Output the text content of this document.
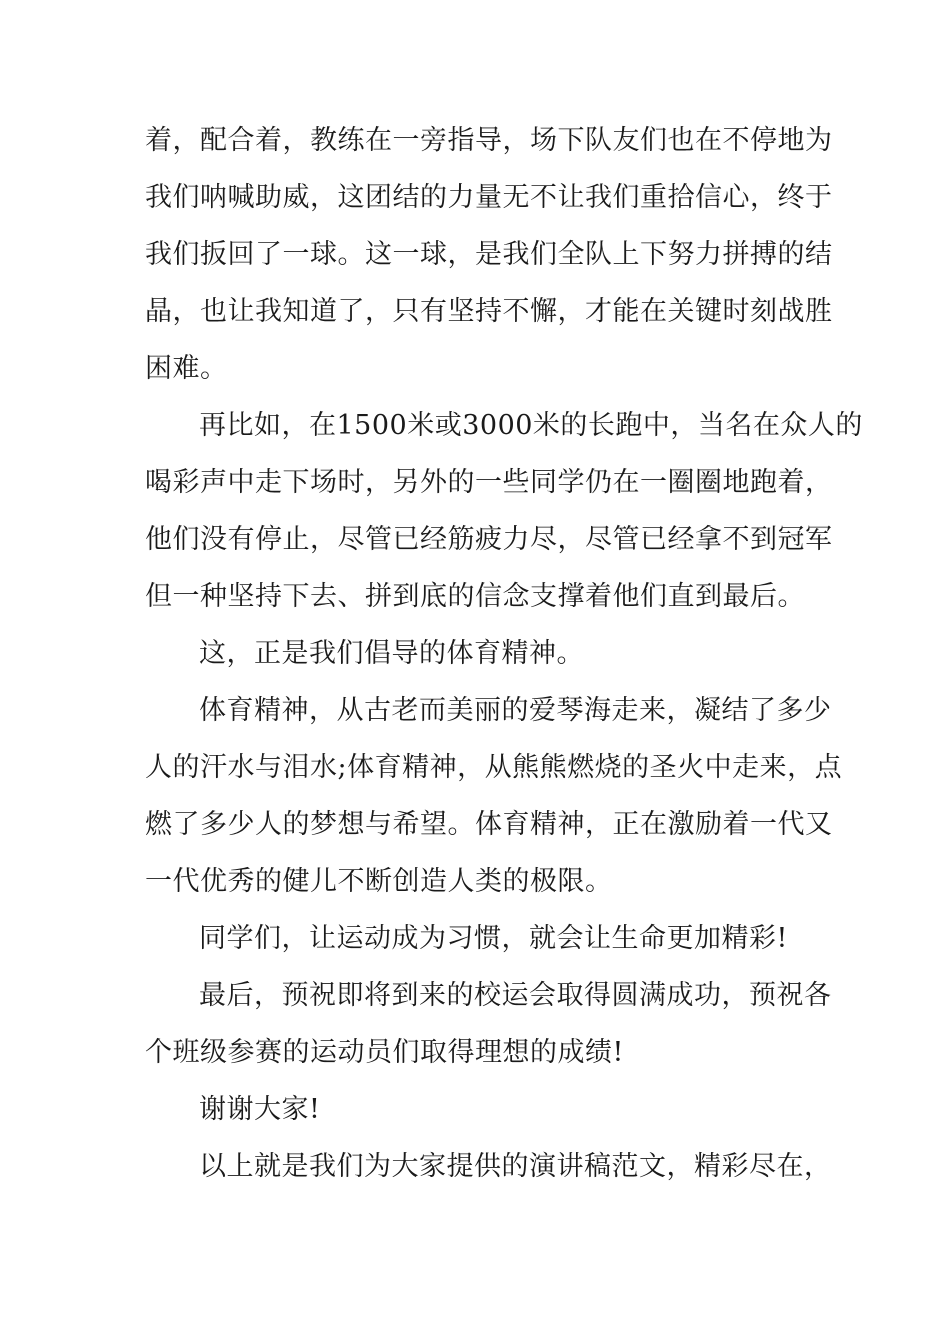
着，配合着，教练在一旁指导，场下队友们也在不停地为
我们呐喊助威，这团结的力量无不让我们重拾信心，终于
我们扳回了一球。这一球，是我们全队上下努力拼搏的结
晶，也让我知道了，只有坚持不懈，才能在关键时刻战胜
困难。
再比如，在1500米或3000米的长跑中，当名在众人的
喝彩声中走下场时，另外的一些同学仍在一圈圈地跑着，
他们没有停止，尽管已经筋疲力尽，尽管已经拿不到冠军
但一种坚持下去、拼到底的信念支撑着他们直到最后。
这，正是我们倡导的体育精神。
体育精神，从古老而美丽的爱琴海走来，凝结了多少
人的汗水与泪水;体育精神，从熊熊燃烧的圣火中走来，点
燃了多少人的梦想与希望。体育精神，正在激励着一代又
一代优秀的健儿不断创造人类的极限。
同学们，让运动成为习惯，就会让生命更加精彩!
最后，预祝即将到来的校运会取得圆满成功，预祝各
个班级参赛的运动员们取得理想的成绩!
谢谢大家!
以上就是我们为大家提供的演讲稿范文，精彩尽在，
